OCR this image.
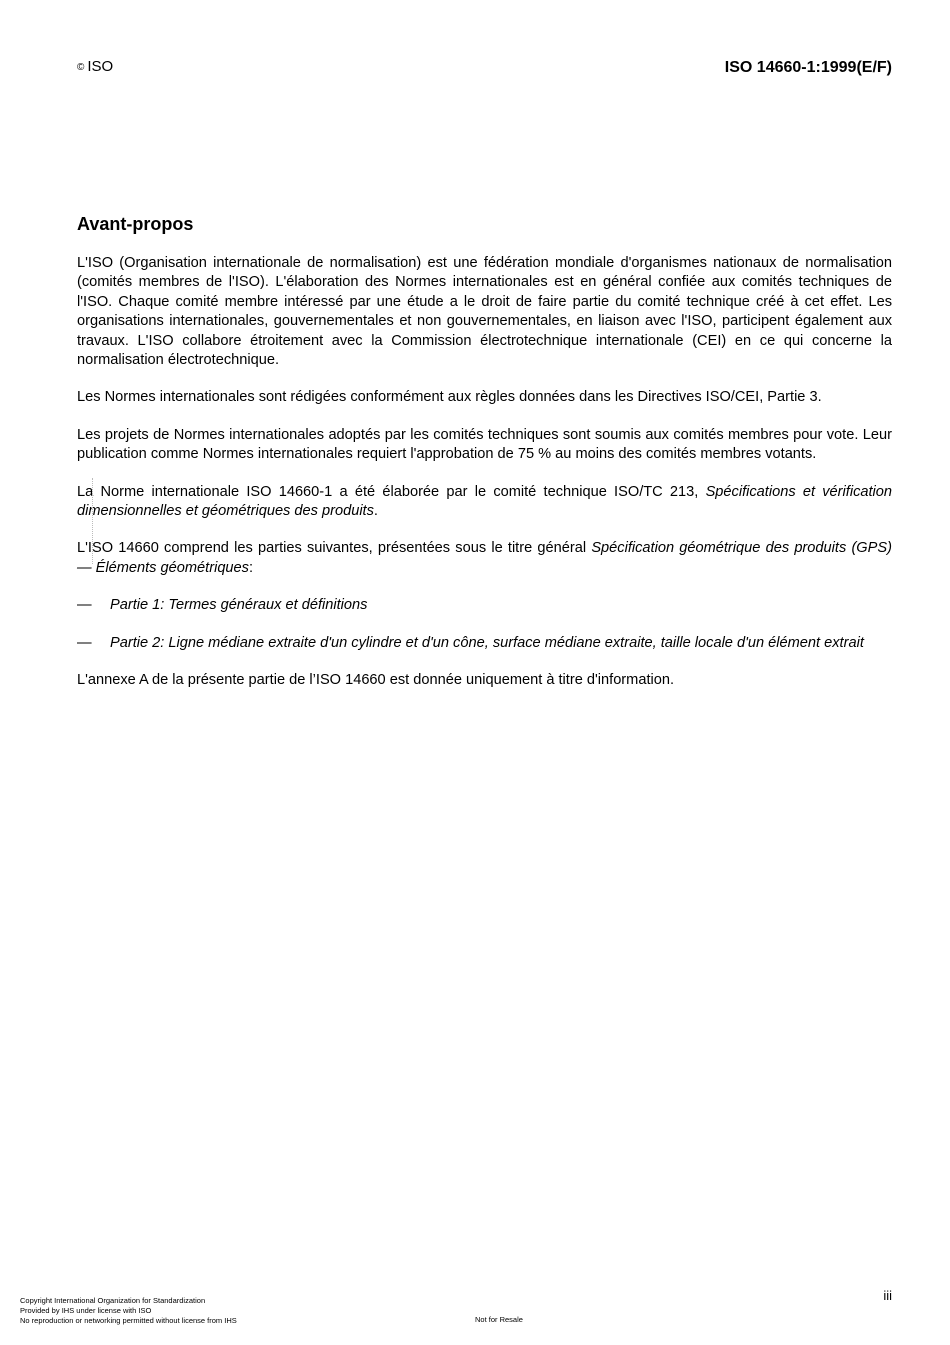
© ISO	ISO 14660-1:1999(E/F)
Avant-propos

L'ISO (Organisation internationale de normalisation) est une fédération mondiale d'organismes nationaux de normalisation (comités membres de l'ISO). L'élaboration des Normes internationales est en général confiée aux comités techniques de l'ISO. Chaque comité membre intéressé par une étude a le droit de faire partie du comité technique créé à cet effet. Les organisations internationales, gouvernementales et non gouvernementales, en liaison avec l'ISO, participent également aux travaux. L'ISO collabore étroitement avec la Commission électrotechnique internationale (CEI) en ce qui concerne la normalisation électrotechnique.

Les Normes internationales sont rédigées conformément aux règles données dans les Directives ISO/CEI, Partie 3.

Les projets de Normes internationales adoptés par les comités techniques sont soumis aux comités membres pour vote. Leur publication comme Normes internationales requiert l'approbation de 75 % au moins des comités membres votants.

La Norme internationale ISO 14660-1 a été élaborée par le comité technique ISO/TC 213, Spécifications et vérification dimensionnelles et géométriques des produits.

L'ISO 14660 comprend les parties suivantes, présentées sous le titre général Spécification géométrique des produits (GPS) — Éléments géométriques:

— Partie 1: Termes généraux et définitions
— Partie 2: Ligne médiane extraite d'un cylindre et d'un cône, surface médiane extraite, taille locale d'un élément extrait

L'annexe A de la présente partie de l’ISO 14660 est donnée uniquement à titre d'information.

iii
Copyright International Organization for Standardization
Provided by IHS under license with ISO
No reproduction or networking permitted without license from IHS	Not for Resale
